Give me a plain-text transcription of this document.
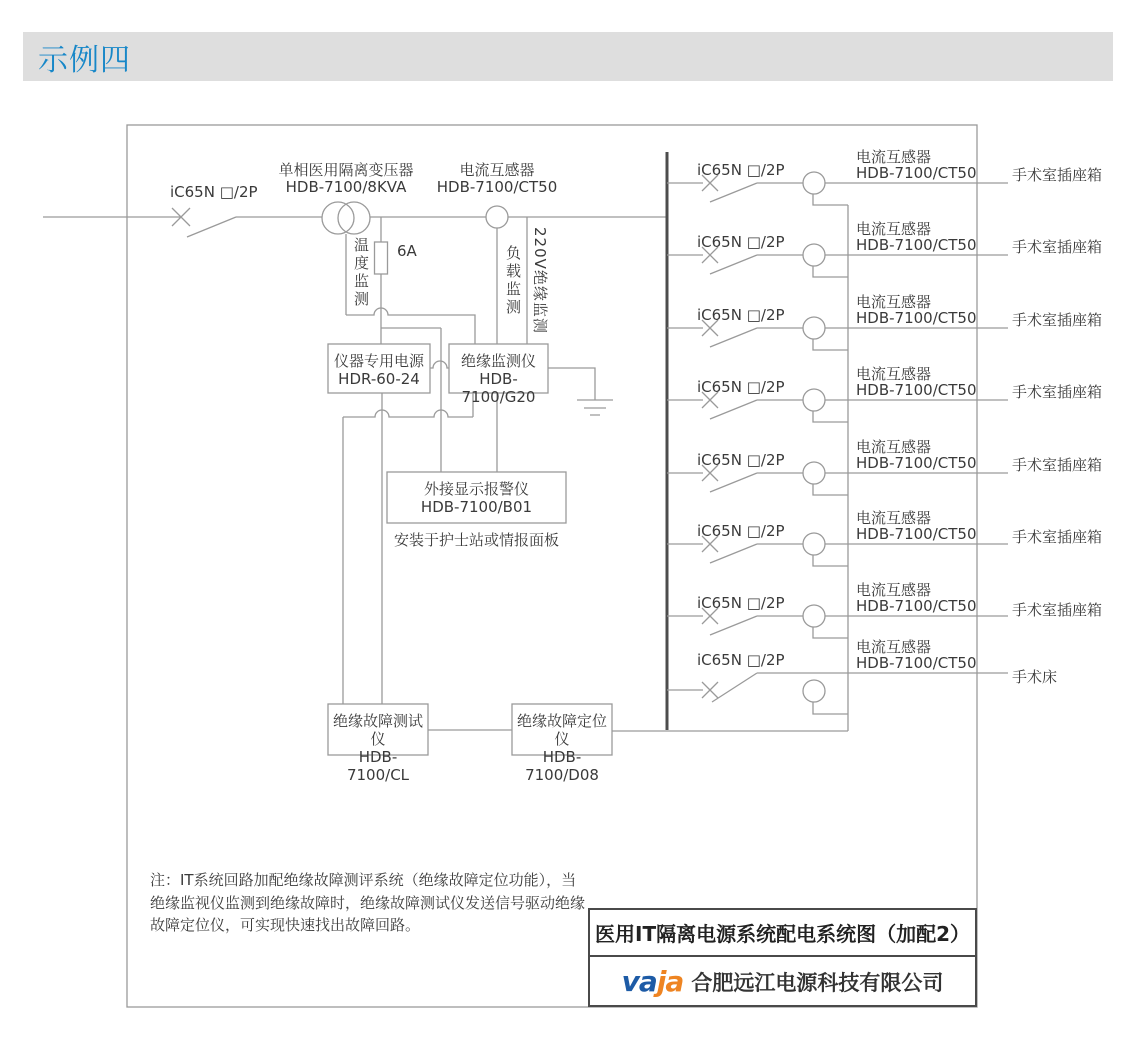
示例四
iC65N □/2P
单相医用隔离变压器
HDB-7100/8KVA
电流互感器
HDB-7100/CT50
6A
温度监测	负载监测 220V绝缘监测
仪器专用电源
HDR-60-24
绝缘监测仪
HDB-7100/G20
外接显示报警仪
HDB-7100/B01
安装于护士站或情报面板
绝缘故障测试仪
HDB-7100/CL
绝缘故障定位仪
HDB-7100/D08
iC65N □/2P
电流互感器
HDB-7100/CT50 手术室插座箱
iC65N □/2P
电流互感器
HDB-7100/CT50 手术室插座箱
iC65N □/2P
电流互感器
HDB-7100/CT50 手术室插座箱
iC65N □/2P
电流互感器
HDB-7100/CT50 手术室插座箱
iC65N □/2P
电流互感器
HDB-7100/CT50 手术室插座箱
iC65N □/2P
电流互感器
HDB-7100/CT50 手术室插座箱
iC65N □/2P
电流互感器
HDB-7100/CT50 手术室插座箱
iC65N □/2P
电流互感器
HDB-7100/CT50
手术床
注：IT系统回路加配绝缘故障测评系统（绝缘故障定位功能），当
绝缘监视仪监测到绝缘故障时，绝缘故障测试仪发送信号驱动绝缘
故障定位仪，可实现快速找出故障回路。	医用IT隔离电源系统配电系统图（加配2）
vaja 合肥远江电源科技有限公司
